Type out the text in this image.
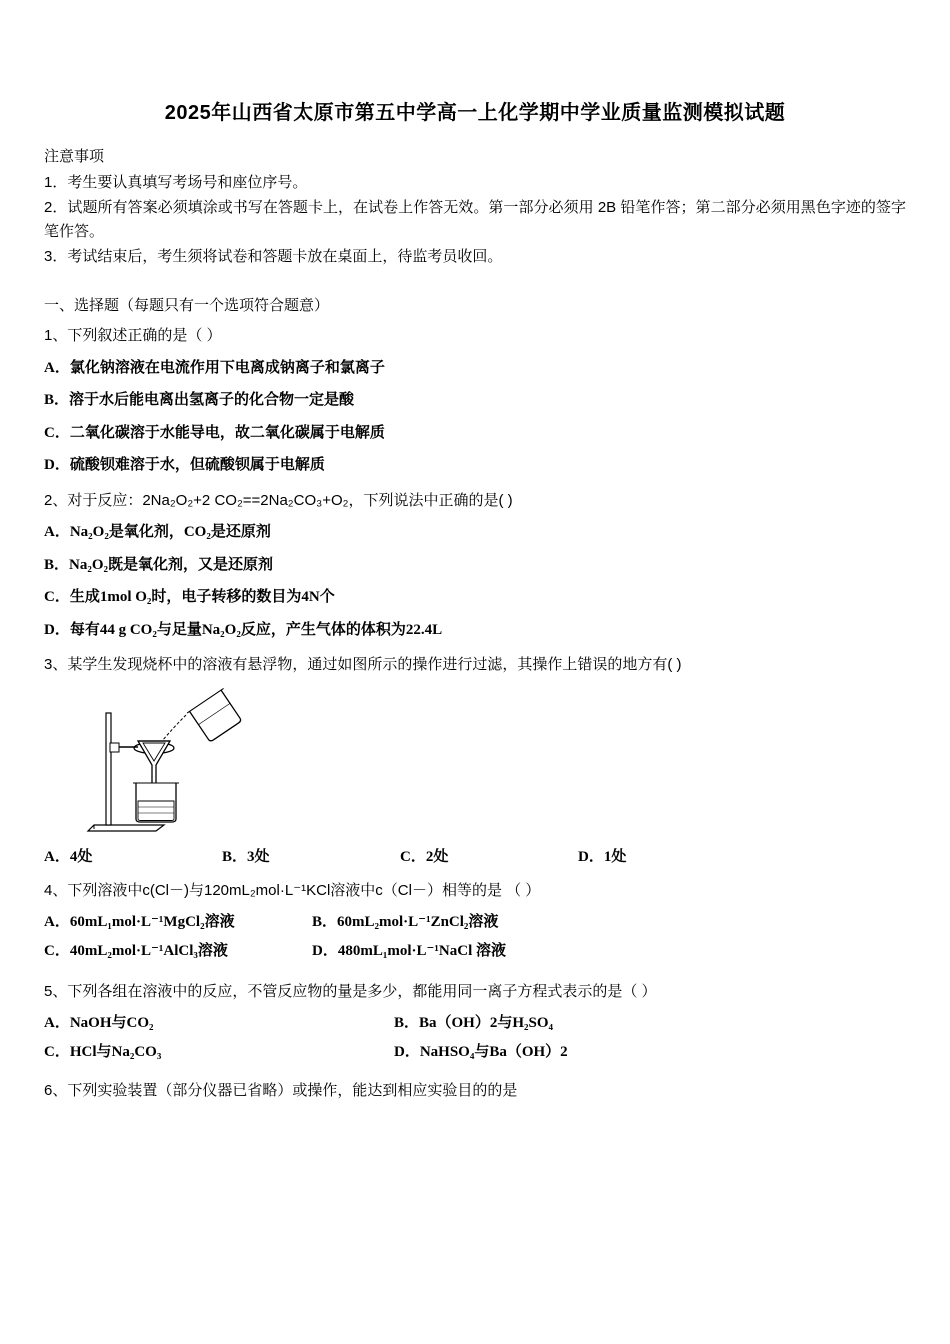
2025年山西省太原市第五中学高一上化学期中学业质量监测模拟试题
注意事项
1．考生要认真填写考场号和座位序号。
2．试题所有答案必须填涂或书写在答题卡上，在试卷上作答无效。第一部分必须用 2B 铅笔作答；第二部分必须用黑色字迹的签字笔作答。
3．考试结束后，考生须将试卷和答题卡放在桌面上，待监考员收回。
一、选择题（每题只有一个选项符合题意）
1、下列叙述正确的是（ ）
A．氯化钠溶液在电流作用下电离成钠离子和氯离子
B．溶于水后能电离出氢离子的化合物一定是酸
C．二氧化碳溶于水能导电，故二氧化碳属于电解质
D．硫酸钡难溶于水，但硫酸钡属于电解质
2、对于反应：2Na₂O₂+2 CO₂==2Na₂CO₃+O₂，下列说法中正确的是( )
A．Na₂O₂是氧化剂，CO₂是还原剂
B．Na₂O₂既是氧化剂，又是还原剂
C．生成1mol O₂时，电子转移的数目为4N个
D．每有44 g CO₂与足量Na₂O₂反应，产生气体的体积为22.4L
3、某学生发现烧杯中的溶液有悬浮物，通过如图所示的操作进行过滤，其操作上错误的地方有( )
A．4处	B．3处	C．2处	D．1处
4、下列溶液中c(Cl－)与120mL₂mol·L⁻¹KCl溶液中c（Cl－）相等的是 （ ）
A．60mL₁mol·L⁻¹MgCl₂溶液	B．60mL₂mol·L⁻¹ZnCl₂溶液
C．40mL₂mol·L⁻¹AlCl₃溶液	D．480mL₁mol·L⁻¹NaCl 溶液
5、下列各组在溶液中的反应，不管反应物的量是多少，都能用同一离子方程式表示的是（ ）
A．NaOH与CO₂	B．Ba（OH）2与H₂SO₄
C．HCl与Na₂CO₃	D．NaHSO₄与Ba（OH）2
6、下列实验装置（部分仪器已省略）或操作，能达到相应实验目的的是
